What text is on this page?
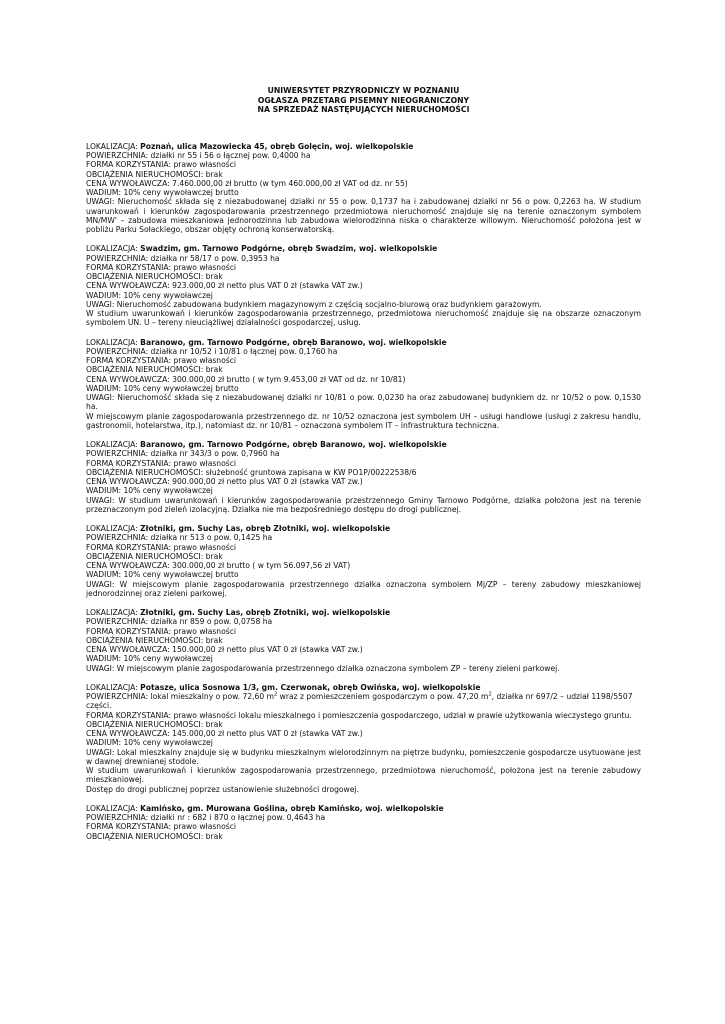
UNIWERSYTET PRZYRODNICZY W POZNANIU
OGŁASZA PRZETARG PISEMNY NIEOGRANICZONY
NA SPRZEDAŻ NASTĘPUJĄCYCH NIERUCHOMOŚCI
LOKALIZACJA: Poznań, ulica Mazowiecka 45, obręb Golęcin, woj. wielkopolskie
POWIERZCHNIA: działki nr 55 i 56 o łącznej pow. 0,4000 ha
FORMA KORZYSTANIA: prawo własności
OBCIĄŻENIA NIERUCHOMOŚCI: brak
CENA WYWOŁAWCZA: 7.460.000,00 zł brutto (w tym 460.000,00 zł VAT od dz. nr 55)
WADIUM: 10% ceny wywoławczej brutto
UWAGI: Nieruchomość składa się z niezabudowanej działki nr 55 o pow. 0,1737 ha i zabudowanej działki nr 56 o pow. 0,2263 ha. W studium uwarunkowań i kierunków zagospodarowania przestrzennego przedmiotowa nieruchomość znajduje się na terenie oznaczonym symbolem MN/MW' – zabudowa mieszkaniowa jednorodzinna lub zabudowa wielorodzinna niska o charakterze willowym. Nieruchomość położona jest w pobliżu Parku Sołackiego, obszar objęty ochroną konserwatorską.
LOKALIZACJA: Swadzim, gm. Tarnowo Podgórne, obręb Swadzim, woj. wielkopolskie
POWIERZCHNIA: działka nr 58/17 o pow. 0,3953 ha
FORMA KORZYSTANIA: prawo własności
OBCIĄŻENIA NIERUCHOMOŚCI: brak
CENA WYWOŁAWCZA: 923.000,00 zł netto plus VAT 0 zł (stawka VAT zw.)
WADIUM: 10% ceny wywoławczej
UWAGI: Nieruchomość zabudowana budynkiem magazynowym z częścią socjalno-biurową oraz budynkiem garażowym.
W studium uwarunkowań i kierunków zagospodarowania przestrzennego, przedmiotowa nieruchomość znajduje się na obszarze oznaczonym symbolem UN. U – tereny nieuciążliwej działalności gospodarczej, usług.
LOKALIZACJA: Baranowo, gm. Tarnowo Podgórne, obręb Baranowo, woj. wielkopolskie
POWIERZCHNIA: działka nr 10/52 i 10/81 o łącznej pow. 0,1760 ha
FORMA KORZYSTANIA: prawo własności
OBCIĄŻENIA NIERUCHOMOŚCI: brak
CENA WYWOŁAWCZA: 300.000,00 zł brutto ( w tym 9.453,00 zł VAT od dz. nr 10/81)
WADIUM: 10% ceny wywoławczej brutto
UWAGI: Nieruchomość składa się z niezabudowanej działki nr 10/81 o pow. 0,0230 ha oraz zabudowanej budynkiem dz. nr 10/52 o pow. 0,1530 ha.
W miejscowym planie zagospodarowania przestrzennego dz. nr 10/52 oznaczona jest symbolem UH – usługi handlowe (usługi z zakresu handlu, gastronomii, hotelarstwa, itp.), natomiast dz. nr 10/81 – oznaczona symbolem IT – infrastruktura techniczna.
LOKALIZACJA: Baranowo, gm. Tarnowo Podgórne, obręb Baranowo, woj. wielkopolskie
POWIERZCHNIA: działka nr 343/3 o pow. 0,7960 ha
FORMA KORZYSTANIA: prawo własności
OBCIĄŻENIA NIERUCHOMOŚCI: służebność gruntowa zapisana w KW PO1P/00222538/6
CENA WYWOŁAWCZA: 900.000,00 zł netto plus VAT 0 zł (stawka VAT zw.)
WADIUM: 10% ceny wywoławczej
UWAGI: W studium uwarunkowań i kierunków zagospodarowania przestrzennego Gminy Tarnowo Podgórne, działka położona jest na terenie przeznaczonym pod zieleń izolacyjną. Działka nie ma bezpośredniego dostępu do drogi publicznej.
LOKALIZACJA: Złotniki, gm. Suchy Las, obręb Złotniki, woj. wielkopolskie
POWIERZCHNIA: działka nr 513 o pow. 0,1425 ha
FORMA KORZYSTANIA: prawo własności
OBCIĄŻENIA NIERUCHOMOŚCI: brak
CENA WYWOŁAWCZA: 300.000,00 zł brutto ( w tym 56.097,56 zł VAT)
WADIUM: 10% ceny wywoławczej brutto
UWAGI: W miejscowym planie zagospodarowania przestrzennego działka oznaczona symbolem Mj/ZP – tereny zabudowy mieszkaniowej jednorodzinnej oraz zieleni parkowej.
LOKALIZACJA: Złotniki, gm. Suchy Las, obręb Złotniki, woj. wielkopolskie
POWIERZCHNIA: działka nr 859 o pow. 0,0758 ha
FORMA KORZYSTANIA: prawo własności
OBCIĄŻENIA NIERUCHOMOŚCI: brak
CENA WYWOŁAWCZA: 150.000,00 zł netto plus VAT 0 zł (stawka VAT zw.)
WADIUM: 10% ceny wywoławczej
UWAGI: W miejscowym planie zagospodarowania przestrzennego działka oznaczona symbolem ZP – tereny zieleni parkowej.
LOKALIZACJA: Potasze, ulica Sosnowa 1/3, gm. Czerwonak, obręb Owińska, woj. wielkopolskie
POWIERZCHNIA: lokal mieszkalny o pow. 72,60 $m^2$ wraz z pomieszczeniem gospodarczym o pow. 47,20 $m^2$, działka nr 697/2 – udział 1198/5507 części.
FORMA KORZYSTANIA: prawo własności lokalu mieszkalnego i pomieszczenia gospodarczego, udział w prawie użytkowania wieczystego gruntu.
OBCIĄŻENIA NIERUCHOMOŚCI: brak
CENA WYWOŁAWCZA: 145.000,00 zł netto plus VAT 0 zł (stawka VAT zw.)
WADIUM: 10% ceny wywoławczej
UWAGI: Lokal mieszkalny znajduje się w budynku mieszkalnym wielorodzinnym na piętrze budynku, pomieszczenie gospodarcze usytuowane jest w dawnej drewnianej stodole.
W studium uwarunkowań i kierunków zagospodarowania przestrzennego, przedmiotowa nieruchomość, położona jest na terenie zabudowy mieszkaniowej.
Dostęp do drogi publicznej poprzez ustanowienie służebności drogowej.
LOKALIZACJA: Kamińsko, gm. Murowana Goślina, obręb Kamińsko, woj. wielkopolskie
POWIERZCHNIA: działki nr : 682 i 870 o łącznej pow. 0,4643 ha
FORMA KORZYSTANIA: prawo własności
OBCIĄŻENIA NIERUCHOMOŚCI: brak
